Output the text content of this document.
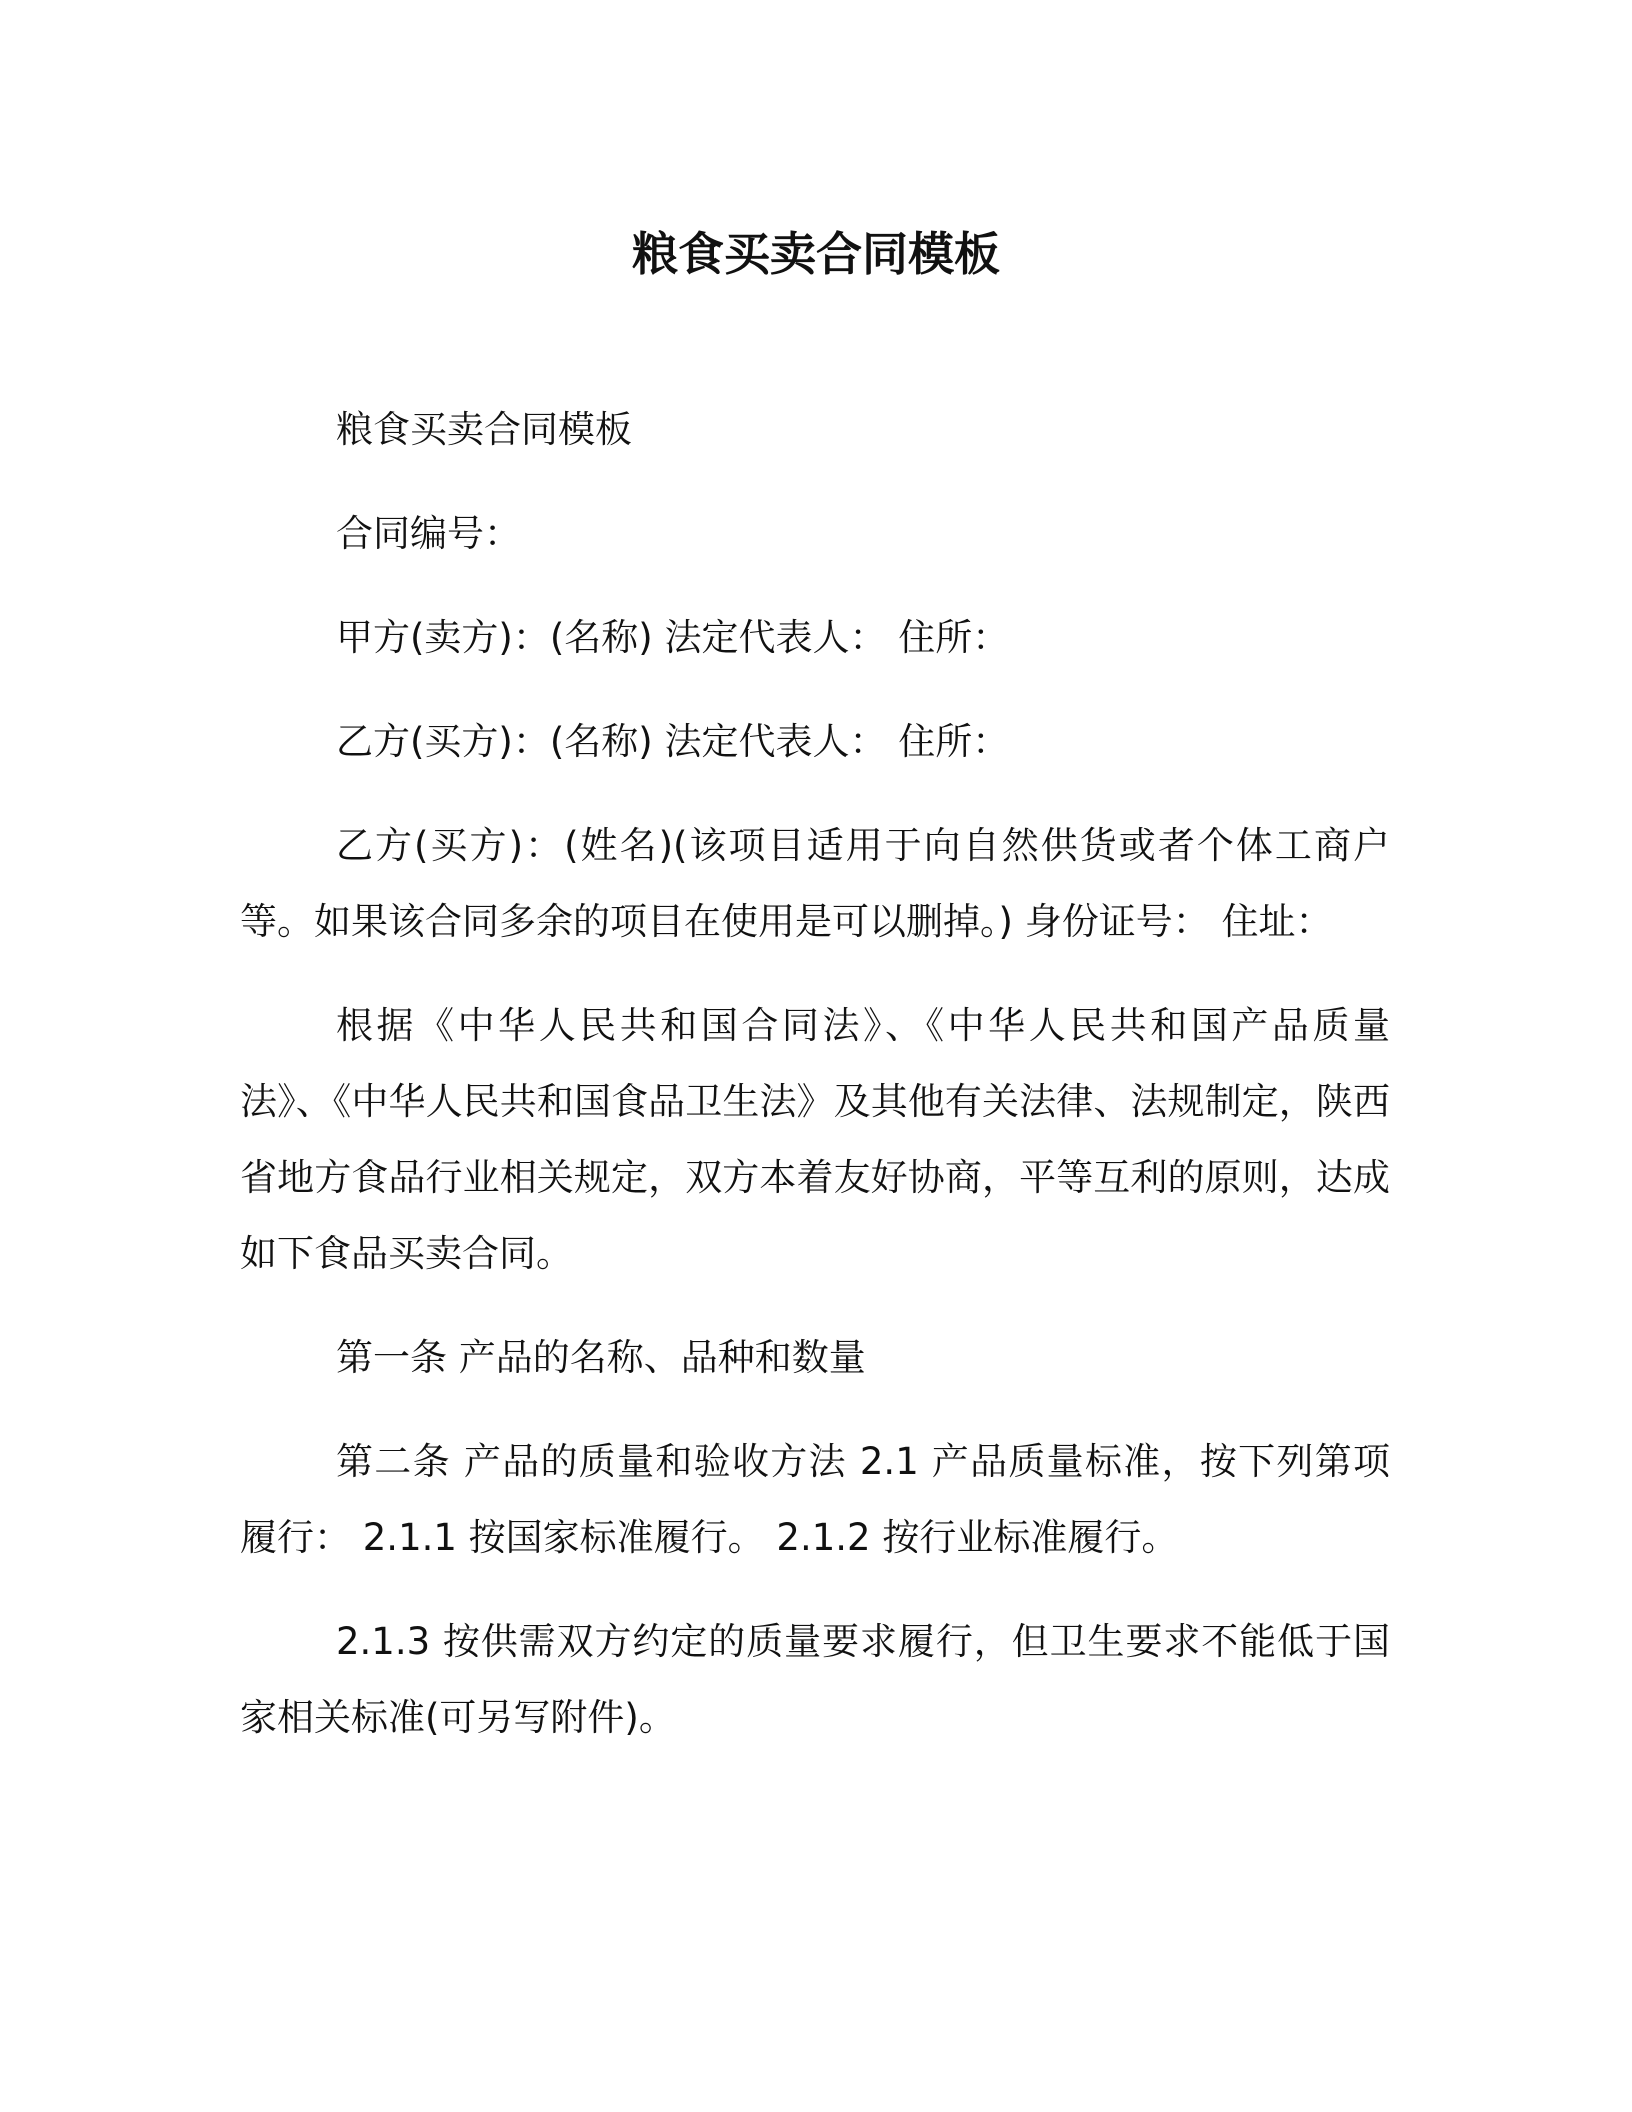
粮食买卖合同模板

粮食买卖合同模板

合同编号：

甲方(卖方)：(名称) 法定代表人： 住所：

乙方(买方)：(名称) 法定代表人： 住所：

乙方(买方)：(姓名)(该项目适用于向自然供货或者个体工商户等。如果该合同多余的项目在使用是可以删掉。) 身份证号： 住址：

根据《中华人民共和国合同法》、《中华人民共和国产品质量法》、《中华人民共和国食品卫生法》及其他有关法律、法规制定，陕西省地方食品行业相关规定，双方本着友好协商，平等互利的原则，达成如下食品买卖合同。

第一条 产品的名称、品种和数量

第二条 产品的质量和验收方法 2.1 产品质量标准，按下列第项履行： 2.1.1 按国家标准履行。 2.1.2 按行业标准履行。

2.1.3 按供需双方约定的质量要求履行，但卫生要求不能低于国家相关标准(可另写附件)。
